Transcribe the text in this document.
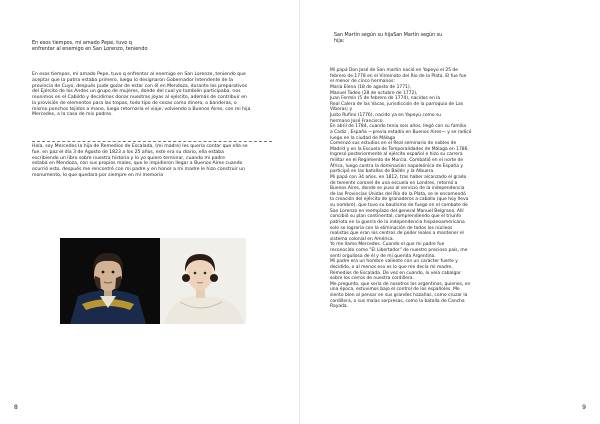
En esos tiempos, mi amado Pepe, tuvo q
enfrentar al enemigo en San Lorenzo, teniendo

En esos tiempos, mi amado Pepe, tuvo q enfrentar al enemigo en San Lorenzo, teniendo que
aceptar que la patria estaba primero, luego lo designaron Gobernador Intendente de la
provincia de Cuyo, después pude gozar de estar con él en Mendoza, durante los preparativos
del Ejército de los Andes un grupo de mujeres, donde del cual yo también participaba, nos
reunimos en el Cabildo y decidimos donar nuestras joyas al ejército, además de contribuir en
la provisión de elementos para las tropas, todo tipo de cosas como dinero, o banderas, o
mismo ponchos tejidos a mano, luego retornaría el viaje, volviendo a Buenos Aires, con mi hija
Mercedes, a la casa de mis padres.

Hola, soy Mercedes la hija de Remedios de Escalada, (mi madre) les quería contar que ella se
fue. en paz el día 3 de Agosto de 1823 a los 25 años, este era su diario, ella estaba
escribiendo un libro sobre nuestra historia y lo yo quiero terminar, cuando mi padre
estaba en Mendoza, con sus propios males, que le impidieron llegar a Buenos Aires cuando
ocurrió esto, después me rencontré con mi padre y en honor a mi madre le hizo construir un
monumento, lo que quedara por siempre en mi memoria

8

San Martín según su hijaSan Martín según su
hija:

Mi papá Don José de San martín nació en Yapeyú el 25 de
febrero de 1778 en el Virreinato del Río de la Plata. El fue fue
el menor de cinco hermanos:
María Elena (18 de agosto de 1771),
Manuel Tadeo (28 de octubre de 1772),
Juan Fermín (5 de febrero de 1774), nacidos en la
Real Calera de las Vacas, jurisdicción de la parroquia de Las
Víboras; y
Justo Rufino (1776), nacido ya en Yapeyú como su
hermano José Francisco.
En abril de 1784, cuando tenía seis años, llegó con su familia
a Cadiz , España —previa estadía en Buenos Aires— y se radicó
luego en la ciudad de Málaga
Comenzó sus estudios en el Real seminario de nobles de
Madrid y en la Escuela de Temporalidades de Málaga en 1786.
Ingresó posteriormente al ejército español e hizo su carrera
militar en el Regimiento de Murcia. Combatió en el norte de
África, luego contra la dominación napoleónica de España y
participó en las batallas de Bailén y la Albuera.
Mi papá con 34 años, en 1812, tras haber alcanzado el grado
de teniente coronel de una escuela en Londres, retornó a
Buenos Aires, donde se puso al servicio de la independencia
de las Provincias Unidas del Río de la Plata, se le encomendó
la creación del ejército de granaderos a caballo (que hoy lleva
su nombre), que tuvo su bautismo de fuego en el combate de
San Lorenzo en reemplazo del general Manuel Belgrano. Allí
concibió su plan continental, comprendiendo que el triunfo
patriota en la guerra de la independencia hispanoamericana
solo se lograría con la eliminación de todos los núcleos
realistas que eran los centros de poder leales a mantener el
sistema colonial en América.
Yo me llamo Mercedes. Cuando el que mi padre fue
reconocido como "El Libertador" de nuestro precioso país, me
sentí orgullosa de él y de mi querida Argentina.
Mi padre era un hombre valiente con un carácter fuerte y
decidido, o al menos eso es lo que me decía mi madre,
Remedios de Escalada. De vez en cuando, lo veía cabalgar
sobre los cerros de nuestra cordillera.
Me pregunto, que sería de nosotros los argentinos, quienes, en
una época, estuvimos bajo el control de los españoles. Me
siento bien al pensar en sus grandes hazañas, como cruzar la
cordillera, o sus malas sorpresas, como la batalla de Cancha
Rayada.

9
